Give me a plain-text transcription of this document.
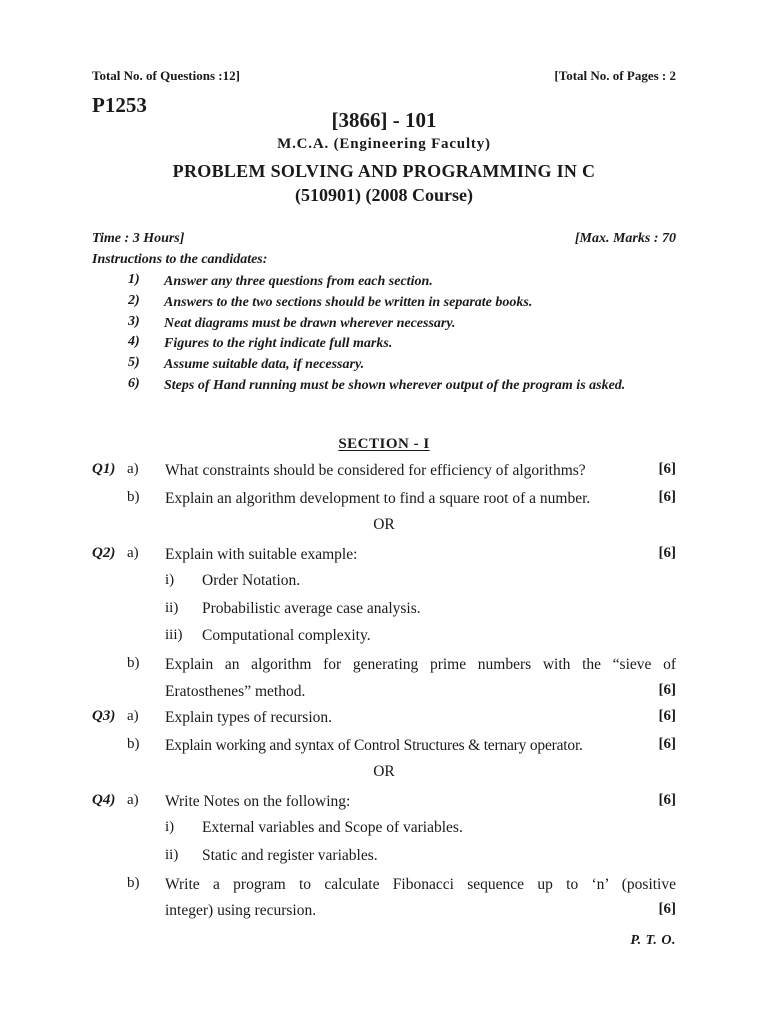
Total No. of Questions :12]	[Total No. of Pages : 2
P1253
[3866] - 101
M.C.A. (Engineering Faculty)
PROBLEM SOLVING AND PROGRAMMING IN C
(510901) (2008 Course)
Time : 3 Hours]	[Max. Marks : 70
Instructions to the candidates:
1)	Answer any three questions from each section.
2)	Answers to the two sections should be written in separate books.
3)	Neat diagrams must be drawn wherever necessary.
4)	Figures to the right indicate full marks.
5)	Assume suitable data, if necessary.
6)	Steps of Hand running must be shown wherever output of the program is asked.
SECTION - I
Q1) a) What constraints should be considered for efficiency of algorithms?	[6]
b) Explain an algorithm development to find a square root of a number.	[6]
OR
Q2) a) Explain with suitable example:	[6]
i) Order Notation.
ii) Probabilistic average case analysis.
iii) Computational complexity.
b) Explain an algorithm for generating prime numbers with the “sieve of
Eratosthenes” method.	[6]
Q3) a) Explain types of recursion.	[6]
b) Explain working and syntax of Control Structures & ternary operator.	[6]
OR
Q4) a) Write Notes on the following:	[6]
i) External variables and Scope of variables.
ii) Static and register variables.
b) Write a program to calculate Fibonacci sequence up to ‘n’ (positive
integer) using recursion.	[6]
P. T. O.
